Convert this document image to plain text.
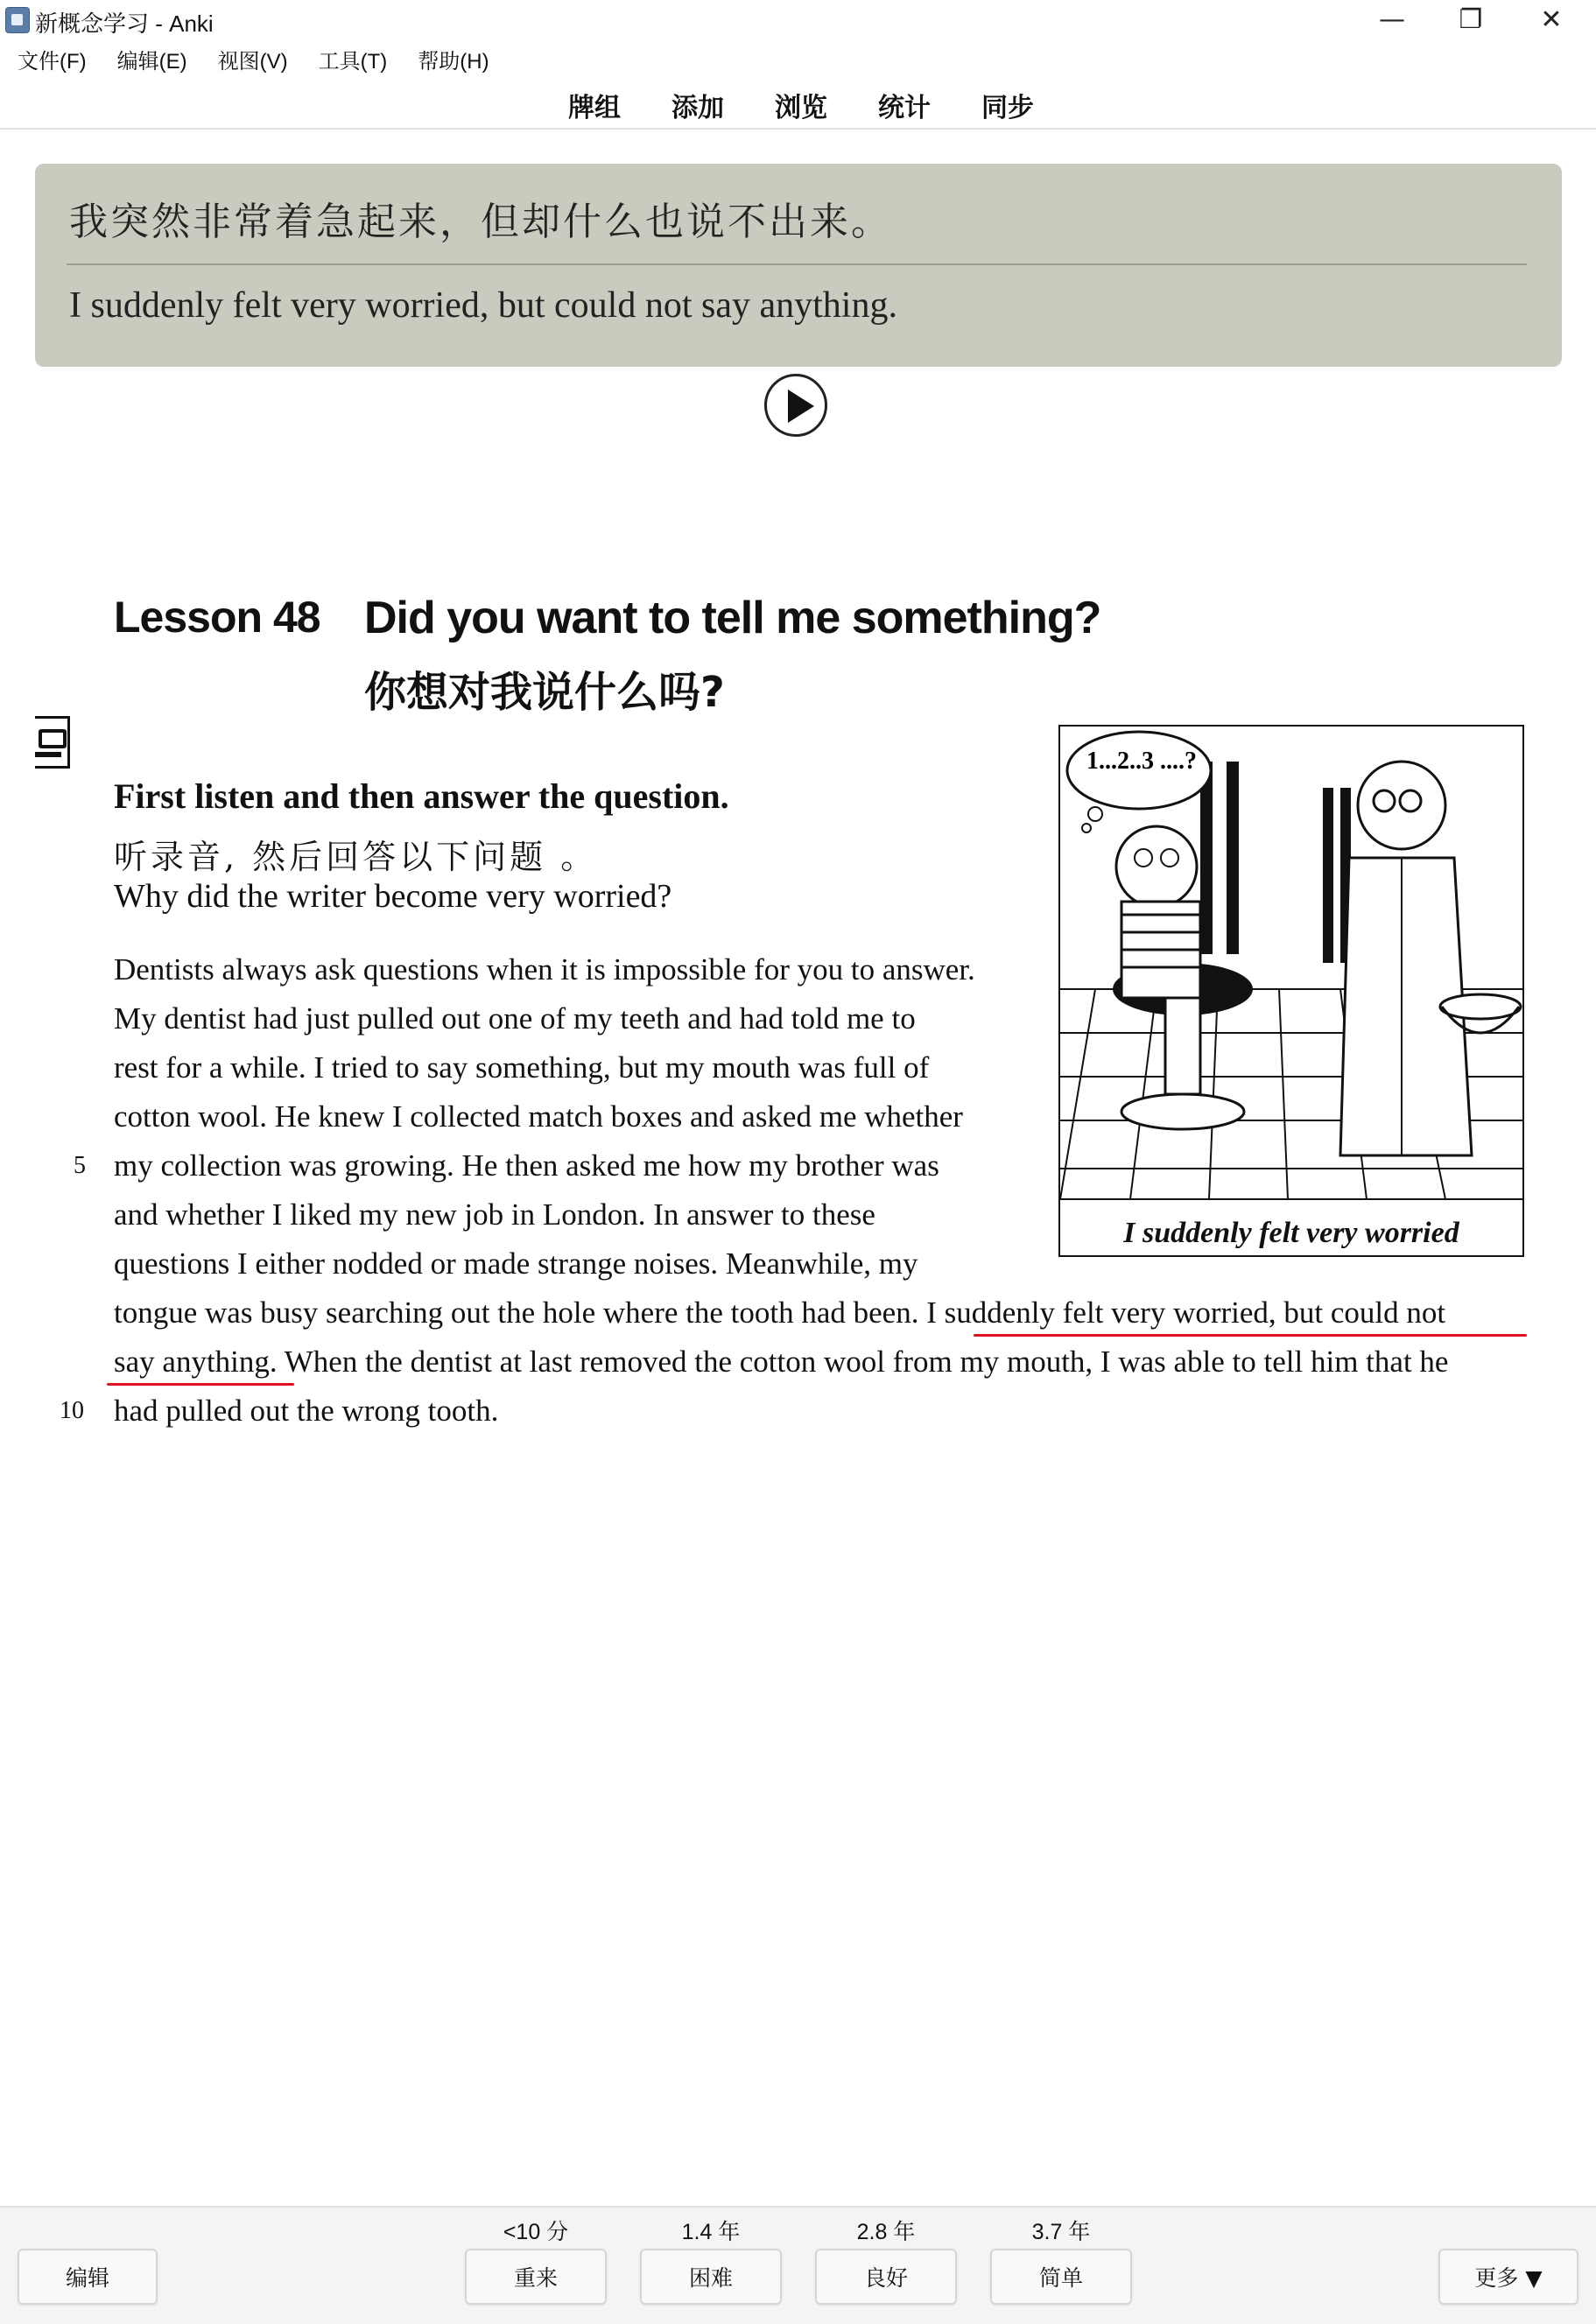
新概念学习 - Anki	—	❐	✕
文件(F)	编辑(E)	视图(V)	工具(T)	帮助(H)
牌组	添加	浏览	统计	同步
我突然非常着急起来，但却什么也说不出来。
I suddenly felt very worried, but could not say anything.
Lesson 48 Did you want to tell me something?
你想对我说什么吗?
First listen and then answer the question.
听录音, 然后回答以下问题 。
Why did the writer become very worried?
Dentists always ask questions when it is impossible for you to answer.
My dentist had just pulled out one of my teeth and had told me to
rest for a while. I tried to say something, but my mouth was full of
cotton wool. He knew I collected match boxes and asked me whether
5 my collection was growing. He then asked me how my brother was
and whether I liked my new job in London. In answer to these
questions I either nodded or made strange noises. Meanwhile, my
tongue was busy searching out the hole where the tooth had been. I suddenly felt very worried, but could not
say anything. When the dentist at last removed the cotton wool from my mouth, I was able to tell him that he
10 had pulled out the wrong tooth.
1...2..3 ....?
I suddenly felt very worried
编辑
<10 分
重来
1.4 年
困难
2.8 年
良好
3.7 年
简单	更多 ▼
